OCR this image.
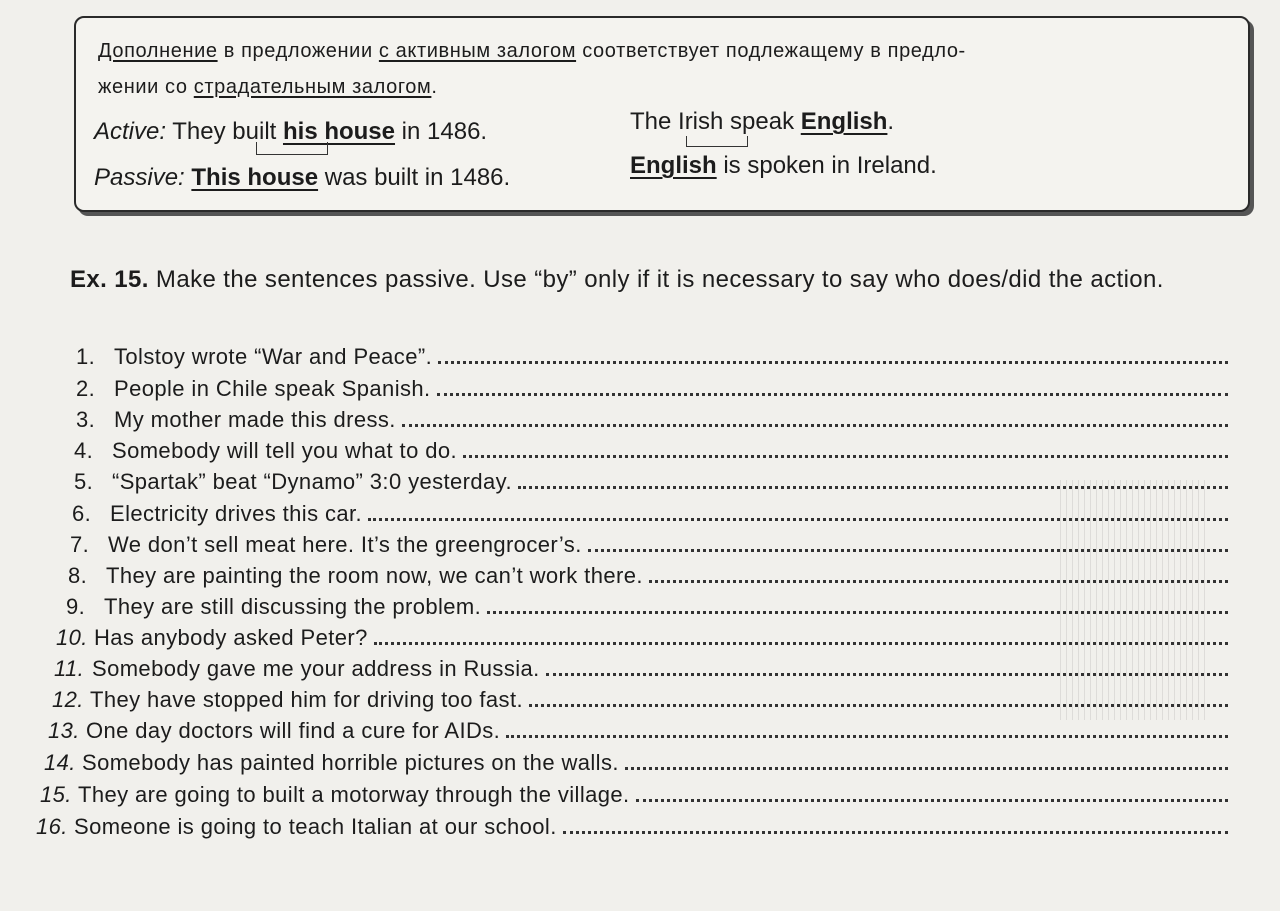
Дополнение в предложении с активным залогом соответствует подлежащему в предло-
жении со страдательным залогом.
Active: They built his house in 1486.
Passive: This house was built in 1486.
The Irish speak English.
English is spoken in Ireland.
Ex. 15. Make the sentences passive. Use “by” only if it is necessary to say who does/did the action.
1. Tolstoy wrote “War and Peace”.
2. People in Chile speak Spanish.
3. My mother made this dress.
4. Somebody will tell you what to do.
5. “Spartak” beat “Dynamo” 3:0 yesterday.
6. Electricity drives this car.
7. We don’t sell meat here. It’s the greengrocer’s.
8. They are painting the room now, we can’t work there.
9. They are still discussing the problem.
10. Has anybody asked Peter?
11. Somebody gave me your address in Russia.
12. They have stopped him for driving too fast.
13. One day doctors will find a cure for AIDs.
14. Somebody has painted horrible pictures on the walls.
15. They are going to built a motorway through the village.
16. Someone is going to teach Italian at our school.
